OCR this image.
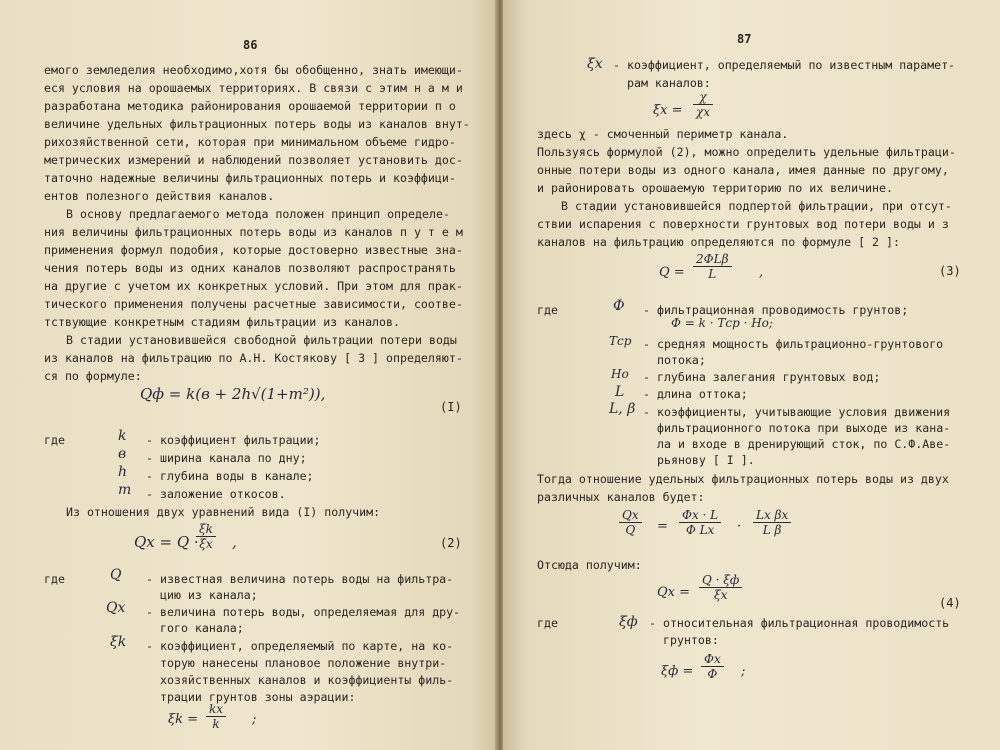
86
емого земледелия необходимо,хотя бы обобщенно, знать имеющи-
еся условия на орошаемых территориях. В связи с этим н а м и
разработана методика районирования орошаемой территории п о
величине удельных фильтрационных потерь воды из каналов внут-
рихозяйственной сети, которая при минимальном объеме гидро-
метрических измерений и наблюдений позволяет установить дос-
таточно надежные величины фильтрационных потерь и коэффици-
ентов полезного действия каналов.
В основу предлагаемого метода положен принцип определе-
ния величины фильтрационных потерь воды из каналов п у т е м
применения формул подобия, которые достоверно известные зна-
чения потерь воды из одних каналов позволяют распространять
на другие с учетом их конкретных условий. При этом для прак-
тического применения получены расчетные зависимости, соотве-
тствующие конкретным стадиям фильтрации из каналов.
В стадии установившейся свободной фильтрации потери воды
из каналов на фильтрацию по А.Н. Костякову [ 3 ] определяют-
ся по формуле:
Qф = k(в + 2h√(1+m²)),
(I)
где	k - коэффициент фильтрации;
в - ширина канала по дну;
h - глубина воды в канале;
m - заложение откосов.
Из отношения двух уравнений вида (I) получим:
Qx = Q ·
$\frac{\xi k}{\xi x}$ ,	(2)
где	Q - известная величина потерь воды на фильтра-
цию из канала;
Qx - величина потерь воды, определяемая для дру-
гого канала;
ξk - коэффициент, определяемый по карте, на ко-
торую нанесены плановое положение внутри-
хозяйственных каналов и коэффициенты филь-
трации грунтов зоны аэрации:
$\xi k = \frac{kx}{k}$ ;
87
ξx - коэффициент, определяемый по известным парамет-
рам каналов:
$\xi x = \frac{\chi}{\chi x}$
здесь χ - смоченный периметр канала.
Пользуясь формулой (2), можно определить удельные фильтраци-
онные потери воды из одного канала, имея данные по другому,
и районировать орошаемую территорию по их величине.
В стадии установившейся подпертой фильтрации, при отсут-
ствии испарения с поверхности грунтовых вод потери воды и з
каналов на фильтрацию определяются по формуле [ 2 ]:
Q =
2ФLβ
L	,	(3)
где	Ф - фильтрационная проводимость грунтов;
Ф = k · Tср · Hо;
Tср - средняя мощность фильтрационно-грунтового
потока;
Hо - глубина залегания грунтовых вод;
L - длина оттока;
L, β - коэффициенты, учитывающие условия движения
фильтрационного потока при выходе из кана-
ла и входе в дренирующий сток, по С.Ф.Аве-
рьянову [ I ].
Тогда отношение удельных фильтрационных потерь воды из двух
различных каналов будет:
$\frac{Qx}{Q}$ =
Фx · L
Ф Lx	· $\frac{\text{Lx βx}}{\text{L β}}$
Отсюда получим:
Qx =
Q · ξф
ξx
(4)
где	ξф - относительная фильтрационная проводимость
грунтов:
ξф =
Фx
Ф	;
